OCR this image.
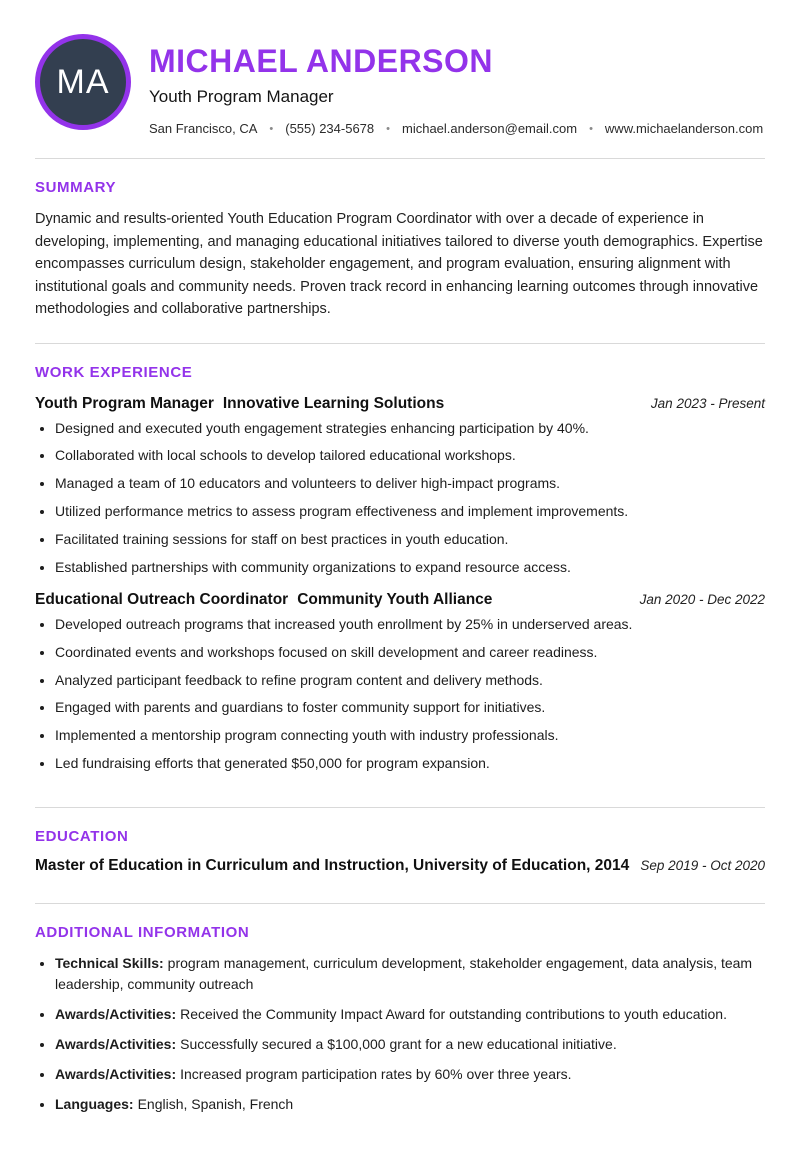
MA
MICHAEL ANDERSON

Youth Program Manager

San Francisco, CA • (555) 234-5678 • michael.anderson@email.com • www.michaelanderson.com
SUMMARY

Dynamic and results-oriented Youth Education Program Coordinator with over a decade of experience in developing, implementing, and managing educational initiatives tailored to diverse youth demographics. Expertise encompasses curriculum design, stakeholder engagement, and program evaluation, ensuring alignment with institutional goals and community needs. Proven track record in enhancing learning outcomes through innovative methodologies and collaborative partnerships.

WORK EXPERIENCE
Youth Program Manager Innovative Learning Solutions	Jan 2023 - Present
• Designed and executed youth engagement strategies enhancing participation by 40%.
• Collaborated with local schools to develop tailored educational workshops.
• Managed a team of 10 educators and volunteers to deliver high-impact programs.
• Utilized performance metrics to assess program effectiveness and implement improvements.
• Facilitated training sessions for staff on best practices in youth education.
• Established partnerships with community organizations to expand resource access.
Educational Outreach Coordinator Community Youth Alliance	Jan 2020 - Dec 2022
• Developed outreach programs that increased youth enrollment by 25% in underserved areas.
• Coordinated events and workshops focused on skill development and career readiness.
• Analyzed participant feedback to refine program content and delivery methods.
• Engaged with parents and guardians to foster community support for initiatives.
• Implemented a mentorship program connecting youth with industry professionals.
• Led fundraising efforts that generated $50,000 for program expansion.
EDUCATION
Master of Education in Curriculum and Instruction, University of Education, 2014 Sep 2019 - Oct 2020
ADDITIONAL INFORMATION
• Technical Skills: program management, curriculum development, stakeholder engagement, data analysis, team leadership, community outreach
• Awards/Activities: Received the Community Impact Award for outstanding contributions to youth education.
• Awards/Activities: Successfully secured a $100,000 grant for a new educational initiative.
• Awards/Activities: Increased program participation rates by 60% over three years.
• Languages: English, Spanish, French
